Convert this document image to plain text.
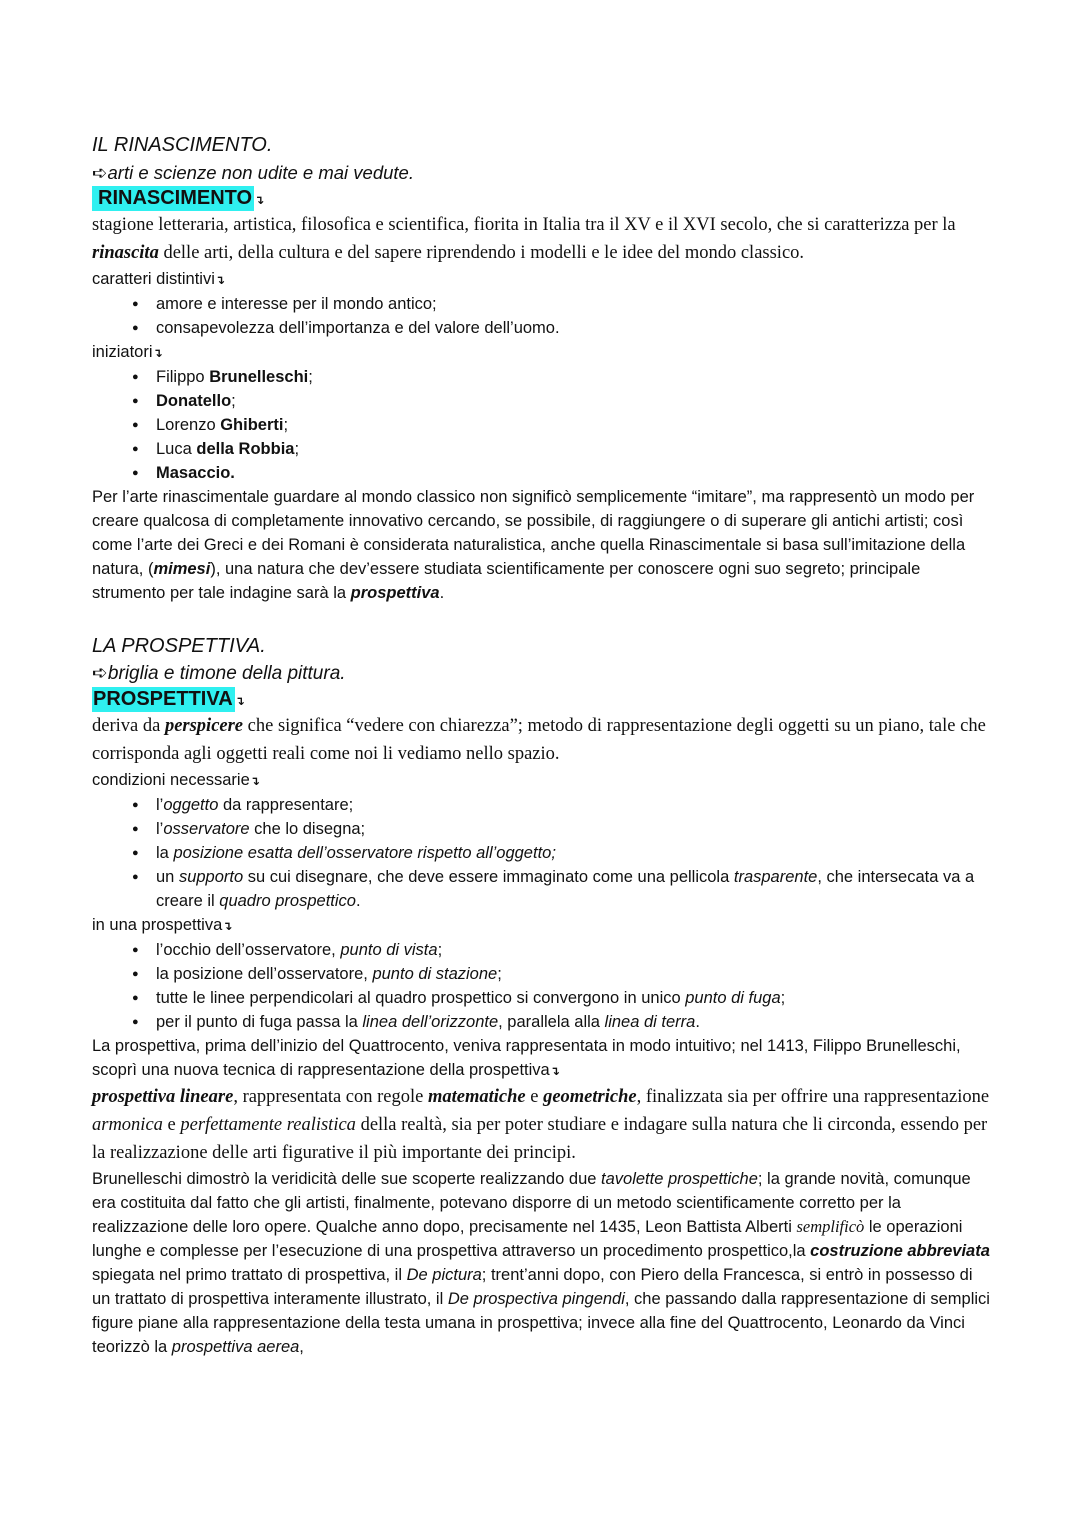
IL RINASCIMENTO.

➪arti e scienze non udite e mai vedute.

RINASCIMENTO ↴

stagione letteraria, artistica, filosofica e scientifica, fiorita in Italia tra il XV e il XVI secolo, che si caratterizza per la rinascita delle arti, della cultura e del sapere riprendendo i modelli e le idee del mondo classico.

caratteri distintivi↴

● amore e interesse per il mondo antico;
● consapevolezza dell’importanza e del valore dell’uomo.

iniziatori↴

● Filippo Brunelleschi;
● Donatello;
● Lorenzo Ghiberti;
● Luca della Robbia;
● Masaccio.

Per l’arte rinascimentale guardare al mondo classico non significò semplicemente “imitare”, ma rappresentò un modo per creare qualcosa di completamente innovativo cercando, se possibile, di raggiungere o di superare gli antichi artisti; così come l’arte dei Greci e dei Romani è considerata naturalistica, anche quella Rinascimentale si basa sull’imitazione della natura, (mimesi), una natura che dev’essere studiata scientificamente per conoscere ogni suo segreto; principale strumento per tale indagine sarà la prospettiva.

LA PROSPETTIVA.

➪briglia e timone della pittura.

PROSPETTIVA ↴

deriva da perspicere che significa “vedere con chiarezza”; metodo di rappresentazione degli oggetti su un piano, tale che corrisponda agli oggetti reali come noi li vediamo nello spazio.

condizioni necessarie↴

● l’oggetto da rappresentare;
● l’osservatore che lo disegna;
● la posizione esatta dell’osservatore rispetto all’oggetto;
● un supporto su cui disegnare, che deve essere immaginato come una pellicola trasparente, che intersecata va a creare il quadro prospettico.

in una prospettiva↴

● l’occhio dell’osservatore, punto di vista;
● la posizione dell’osservatore, punto di stazione;
● tutte le linee perpendicolari al quadro prospettico si convergono in unico punto di fuga;
● per il punto di fuga passa la linea dell’orizzonte, parallela alla linea di terra.

La prospettiva, prima dell’inizio del Quattrocento, veniva rappresentata in modo intuitivo; nel 1413, Filippo Brunelleschi, scoprì una nuova tecnica di rappresentazione della prospettiva↴

prospettiva lineare, rappresentata con regole matematiche e geometriche, finalizzata sia per offrire una rappresentazione armonica e perfettamente realistica della realtà, sia per poter studiare e indagare sulla natura che li circonda, essendo per la realizzazione delle arti figurative il più importante dei principi.

Brunelleschi dimostrò la veridicità delle sue scoperte realizzando due tavolette prospettiche; la grande novità, comunque era costituita dal fatto che gli artisti, finalmente, potevano disporre di un metodo scientificamente corretto per la realizzazione delle loro opere. Qualche anno dopo, precisamente nel 1435, Leon Battista Alberti semplificò le operazioni lunghe e complesse per l’esecuzione di una prospettiva attraverso un procedimento prospettico,la costruzione abbreviata spiegata nel primo trattato di prospettiva, il De pictura; trent’anni dopo, con Piero della Francesca, si entrò in possesso di un trattato di prospettiva interamente illustrato, il De prospectiva pingendi, che passando dalla rappresentazione di semplici figure piane alla rappresentazione della testa umana in prospettiva; invece alla fine del Quattrocento, Leonardo da Vinci teorizzò la prospettiva aerea,
